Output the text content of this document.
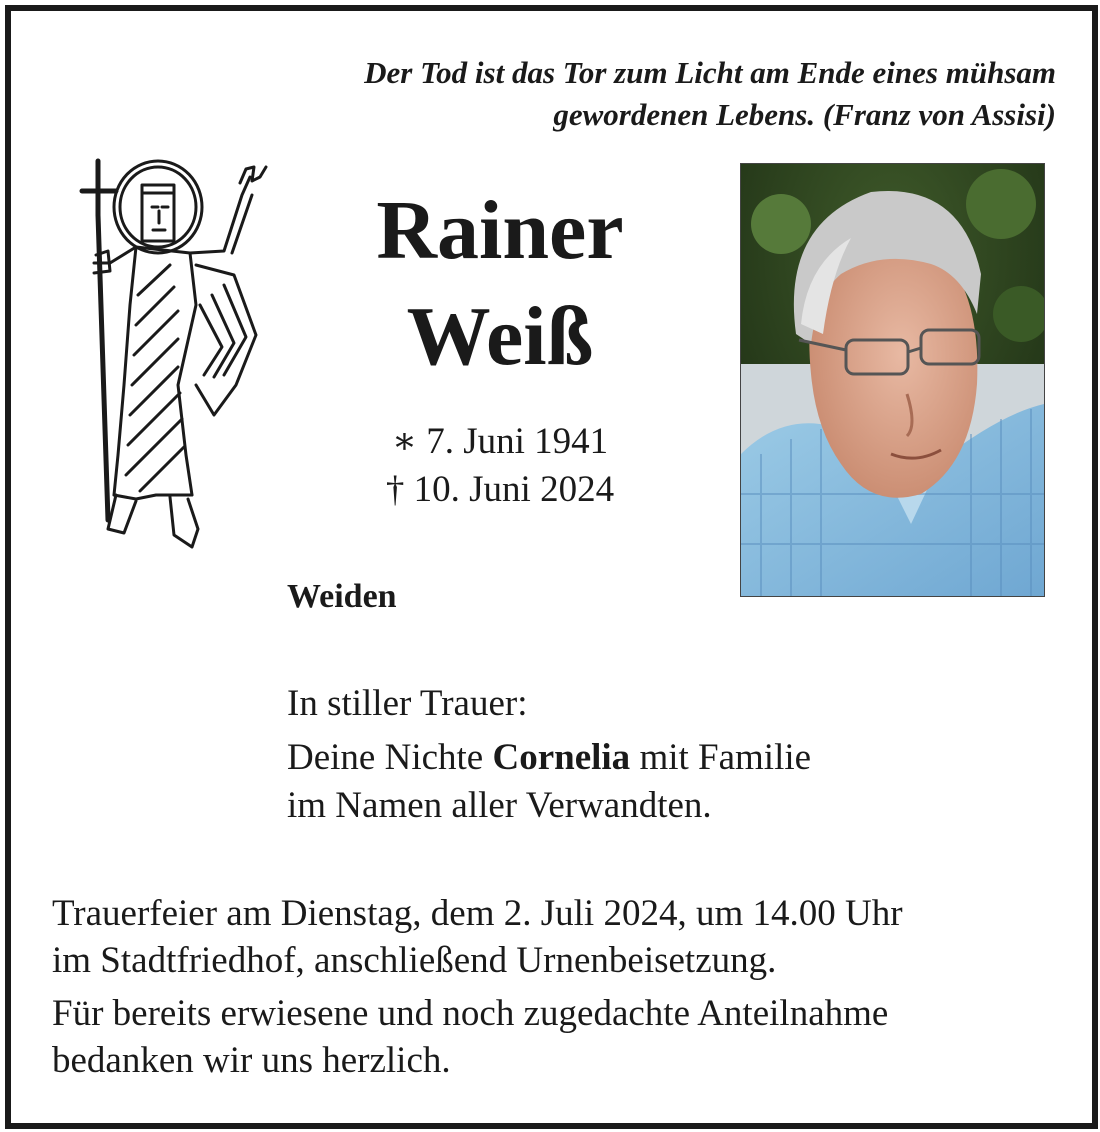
Der Tod ist das Tor zum Licht am Ende eines mühsam
gewordenen Lebens. (Franz von Assisi)
Rainer
Weiß
∗ 7. Juni 1941
† 10. Juni 2024
Weiden
In stiller Trauer:
Deine Nichte Cornelia mit Familie
im Namen aller Verwandten.
Trauerfeier am Dienstag, dem 2. Juli 2024, um 14.00 Uhr
im Stadtfriedhof, anschließend Urnenbeisetzung.
Für bereits erwiesene und noch zugedachte Anteilnahme
bedanken wir uns herzlich.
